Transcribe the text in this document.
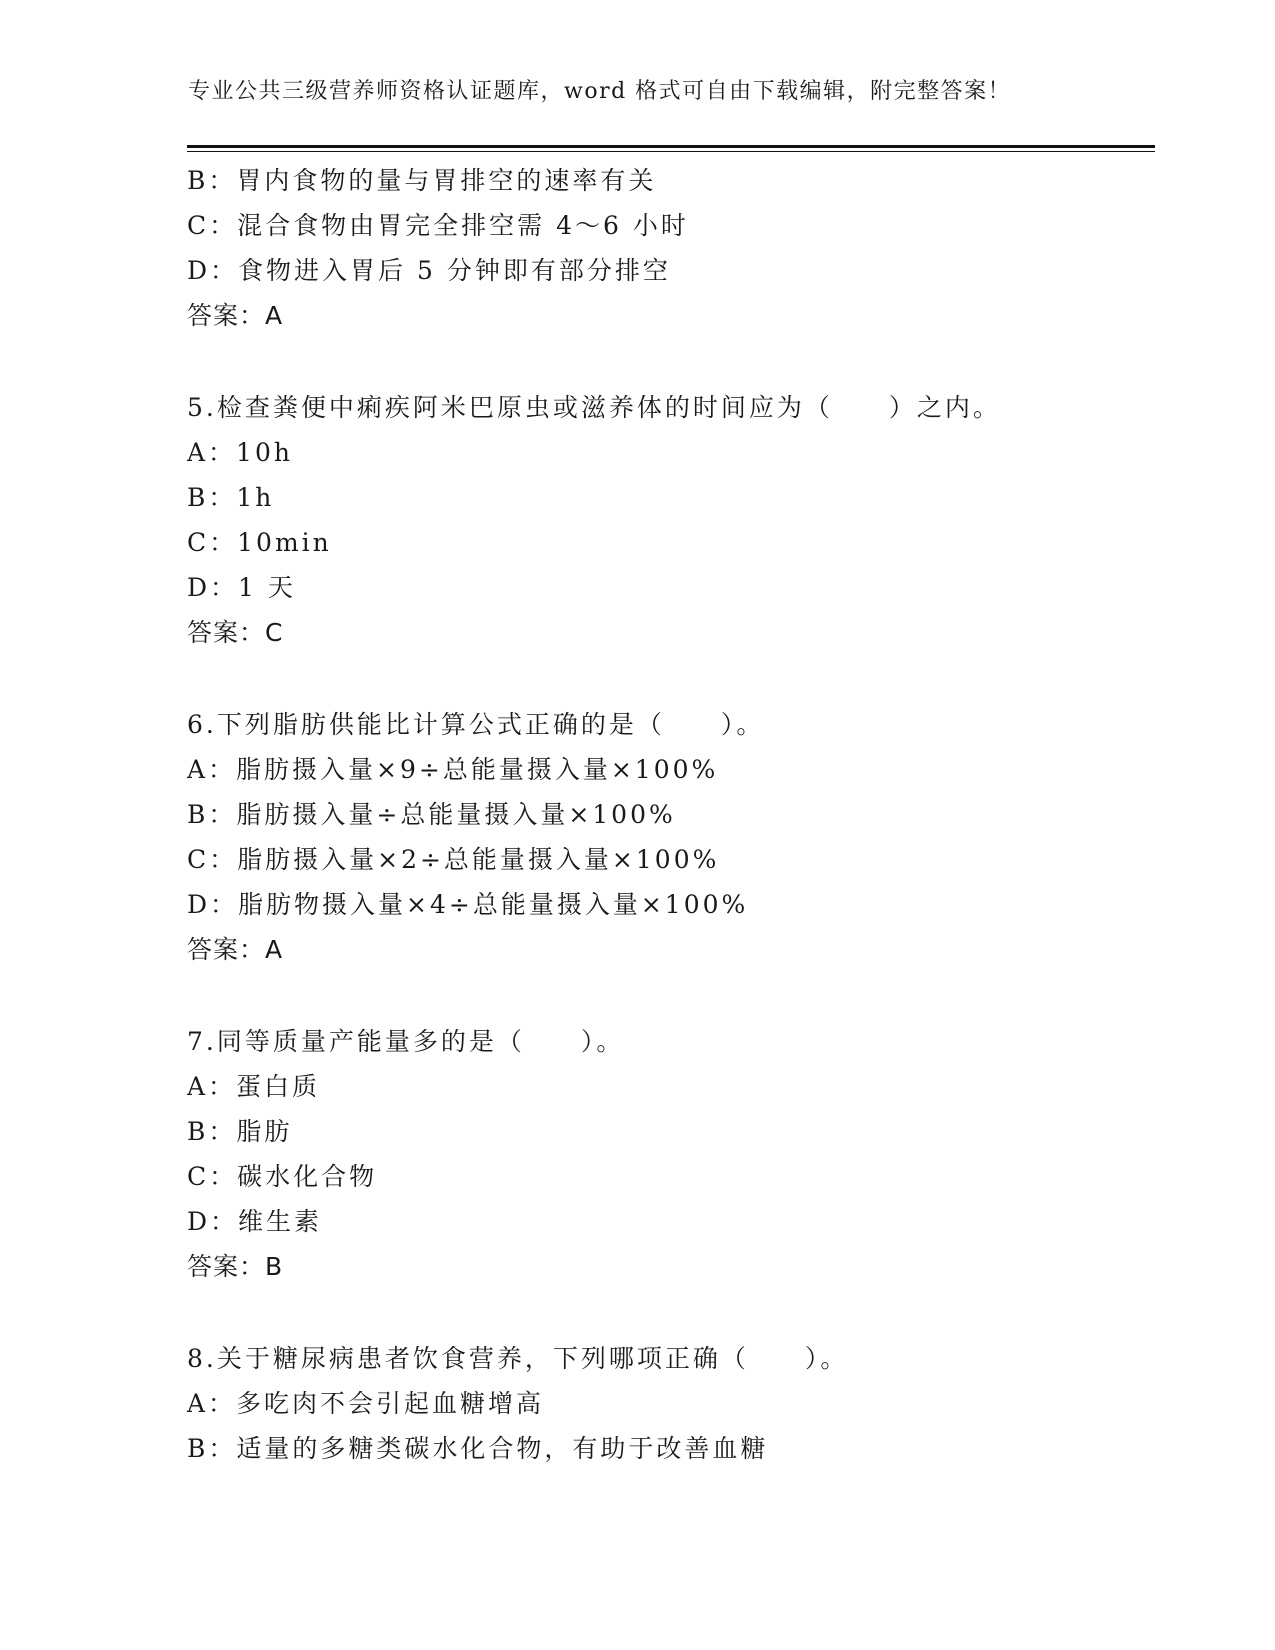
专业公共三级营养师资格认证题库，word 格式可自由下载编辑，附完整答案！
B：胃内食物的量与胃排空的速率有关
C：混合食物由胃完全排空需 4～6 小时
D：食物进入胃后 5 分钟即有部分排空
答案：A
5.检查粪便中痢疾阿米巴原虫或滋养体的时间应为（　　）之内。
A：10h
B：1h
C：10min
D：1 天
答案：C
6.下列脂肪供能比计算公式正确的是（　　）。
A：脂肪摄入量×9÷总能量摄入量×100%
B：脂肪摄入量÷总能量摄入量×100%
C：脂肪摄入量×2÷总能量摄入量×100%
D：脂肪物摄入量×4÷总能量摄入量×100%
答案：A
7.同等质量产能量多的是（　　）。
A：蛋白质
B：脂肪
C：碳水化合物
D：维生素
答案：B
8.关于糖尿病患者饮食营养，下列哪项正确（　　）。
A：多吃肉不会引起血糖增高
B：适量的多糖类碳水化合物，有助于改善血糖
